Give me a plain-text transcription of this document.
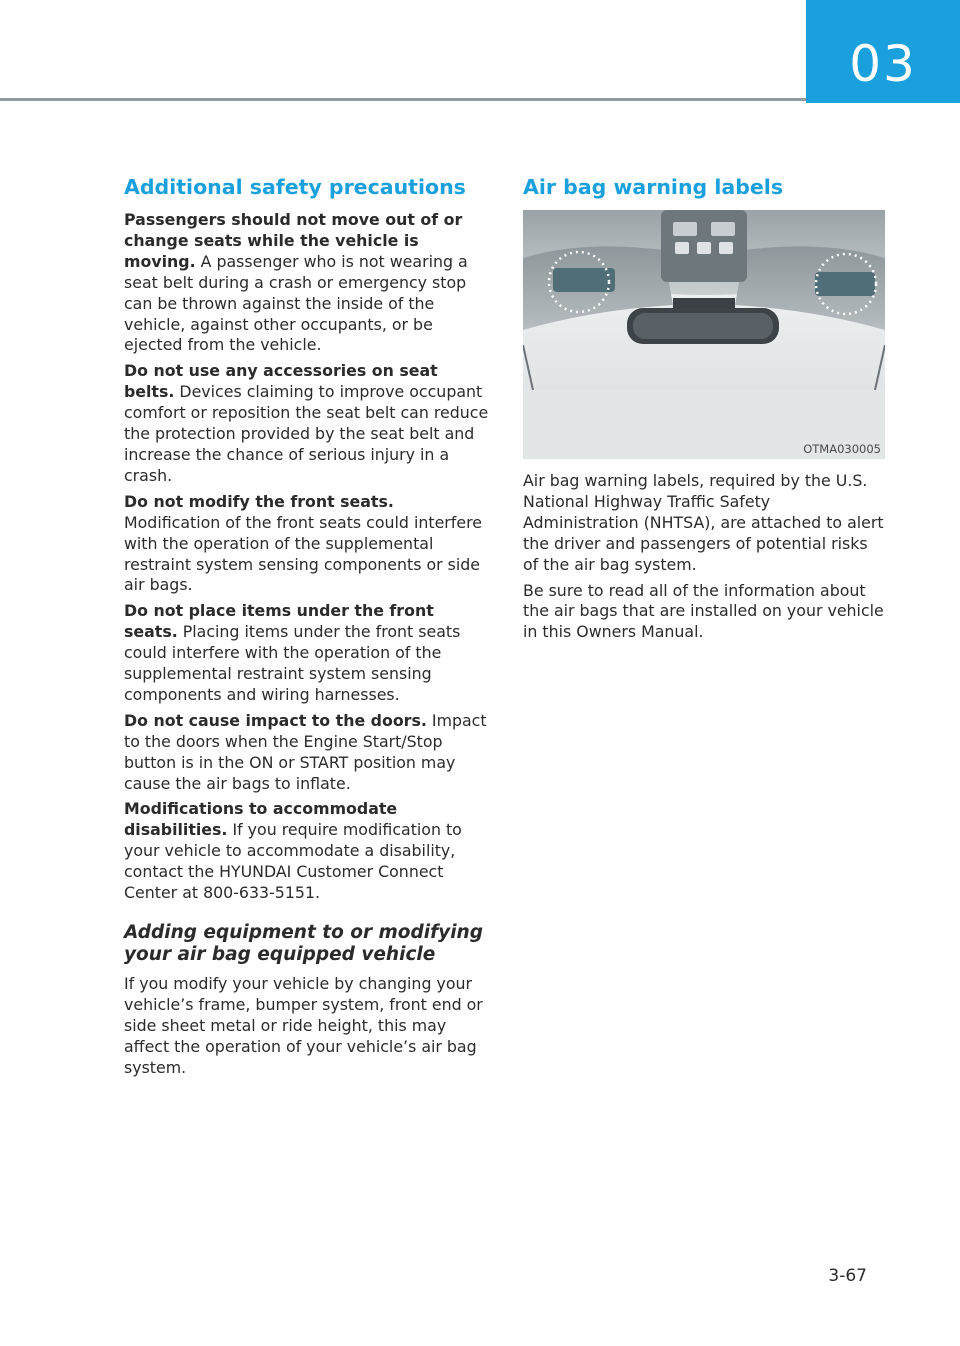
03
Additional safety precautions

Passengers should not move out of or change seats while the vehicle is moving. A passenger who is not wearing a seat belt during a crash or emergency stop can be thrown against the inside of the vehicle, against other occupants, or be ejected from the vehicle.

Do not use any accessories on seat belts. Devices claiming to improve occupant comfort or reposition the seat belt can reduce the protection provided by the seat belt and increase the chance of serious injury in a crash.

Do not modify the front seats. Modification of the front seats could interfere with the operation of the supplemental restraint system sensing components or side air bags.

Do not place items under the front seats. Placing items under the front seats could interfere with the operation of the supplemental restraint system sensing components and wiring harnesses.

Do not cause impact to the doors. Impact to the doors when the Engine Start/Stop button is in the ON or START position may cause the air bags to inflate.

Modifications to accommodate disabilities. If you require modification to your vehicle to accommodate a disability, contact the HYUNDAI Customer Connect Center at 800-633-5151.

Adding equipment to or modifying your air bag equipped vehicle

If you modify your vehicle by changing your vehicle’s frame, bumper system, front end or side sheet metal or ride height, this may affect the operation of your vehicle’s air bag system.

Air bag warning labels
OTMA030005

Air bag warning labels, required by the U.S. National Highway Traffic Safety Administration (NHTSA), are attached to alert the driver and passengers of potential risks of the air bag system.

Be sure to read all of the information about the air bags that are installed on your vehicle in this Owners Manual.

3-67
